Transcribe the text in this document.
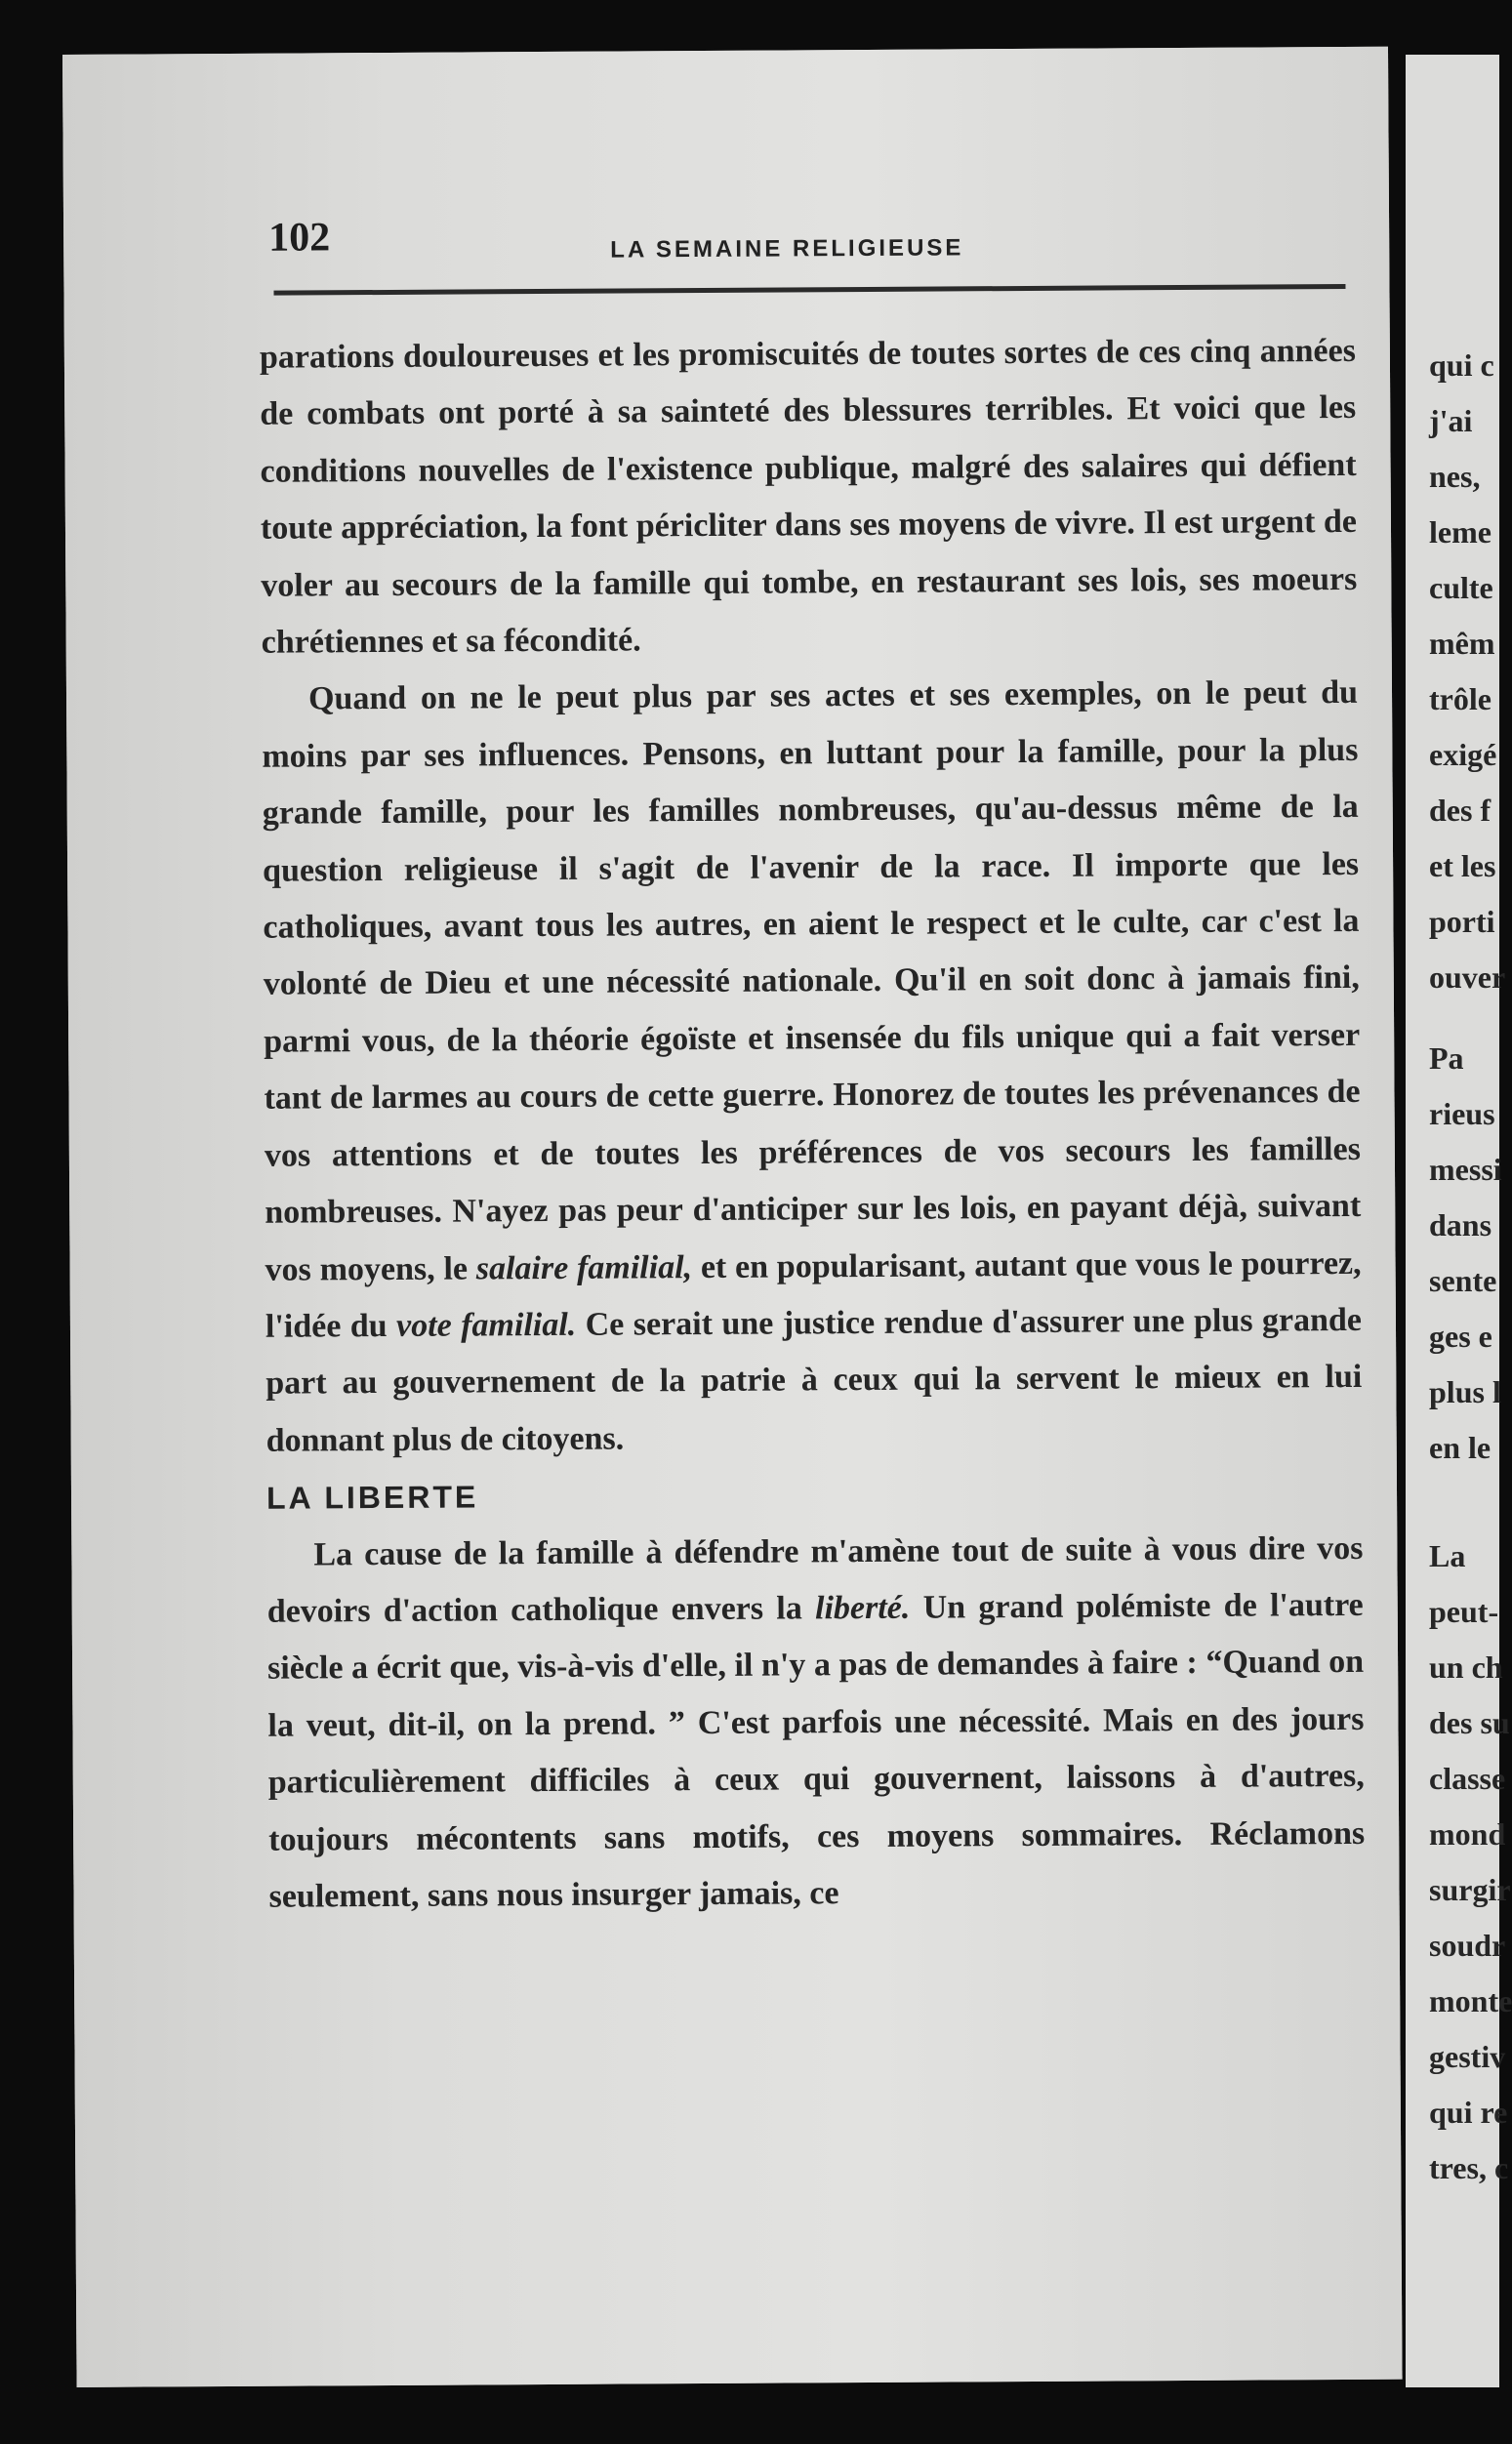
102	LA SEMAINE RELIGIEUSE

parations douloureuses et les promiscuités de toutes sortes de ces cinq années de combats ont porté à sa sainteté des blessures terribles. Et voici que les conditions nouvelles de l'existence publique, malgré des salaires qui défient toute appréciation, la font péricliter dans ses moyens de vivre. Il est urgent de voler au secours de la famille qui tombe, en restaurant ses lois, ses moeurs chrétiennes et sa fécondité.

Quand on ne le peut plus par ses actes et ses exemples, on le peut du moins par ses influences. Pensons, en luttant pour la famille, pour la plus grande famille, pour les familles nombreuses, qu'au-dessus même de la question religieuse il s'agit de l'avenir de la race. Il importe que les catholiques, avant tous les autres, en aient le respect et le culte, car c'est la volonté de Dieu et une nécessité nationale. Qu'il en soit donc à jamais fini, parmi vous, de la théorie égoïste et insensée du fils unique qui a fait verser tant de larmes au cours de cette guerre. Honorez de toutes les prévenances de vos attentions et de toutes les préférences de vos secours les familles nombreuses. N'ayez pas peur d'anticiper sur les lois, en payant déjà, suivant vos moyens, le salaire familial, et en popularisant, autant que vous le pourrez, l'idée du vote familial. Ce serait une justice rendue d'assurer une plus grande part au gouvernement de la patrie à ceux qui la servent le mieux en lui donnant plus de citoyens.

LA LIBERTE

La cause de la famille à défendre m'amène tout de suite à vous dire vos devoirs d'action catholique envers la liberté. Un grand polémiste de l'autre siècle a écrit que, vis-à-vis d'elle, il n'y a pas de demandes à faire : “Quand on la veut, dit-il, on la prend. ” C'est parfois une nécessité. Mais en des jours particulièrement difficiles à ceux qui gouvernent, laissons à d'autres, toujours mécontents sans motifs, ces moyens sommaires. Réclamons seulement, sans nous insurger jamais, ce

qui c

j'ai

nes,

leme

culte

mêm

trôle

exigé

des f

et les

porti

ouver

Pa

rieus

messi

dans

sente

ges e

plus l

en le

La

peut-

un ch

des su

classe

mond

surgir

soudr

monte

gestiv

qui re

tres, c
